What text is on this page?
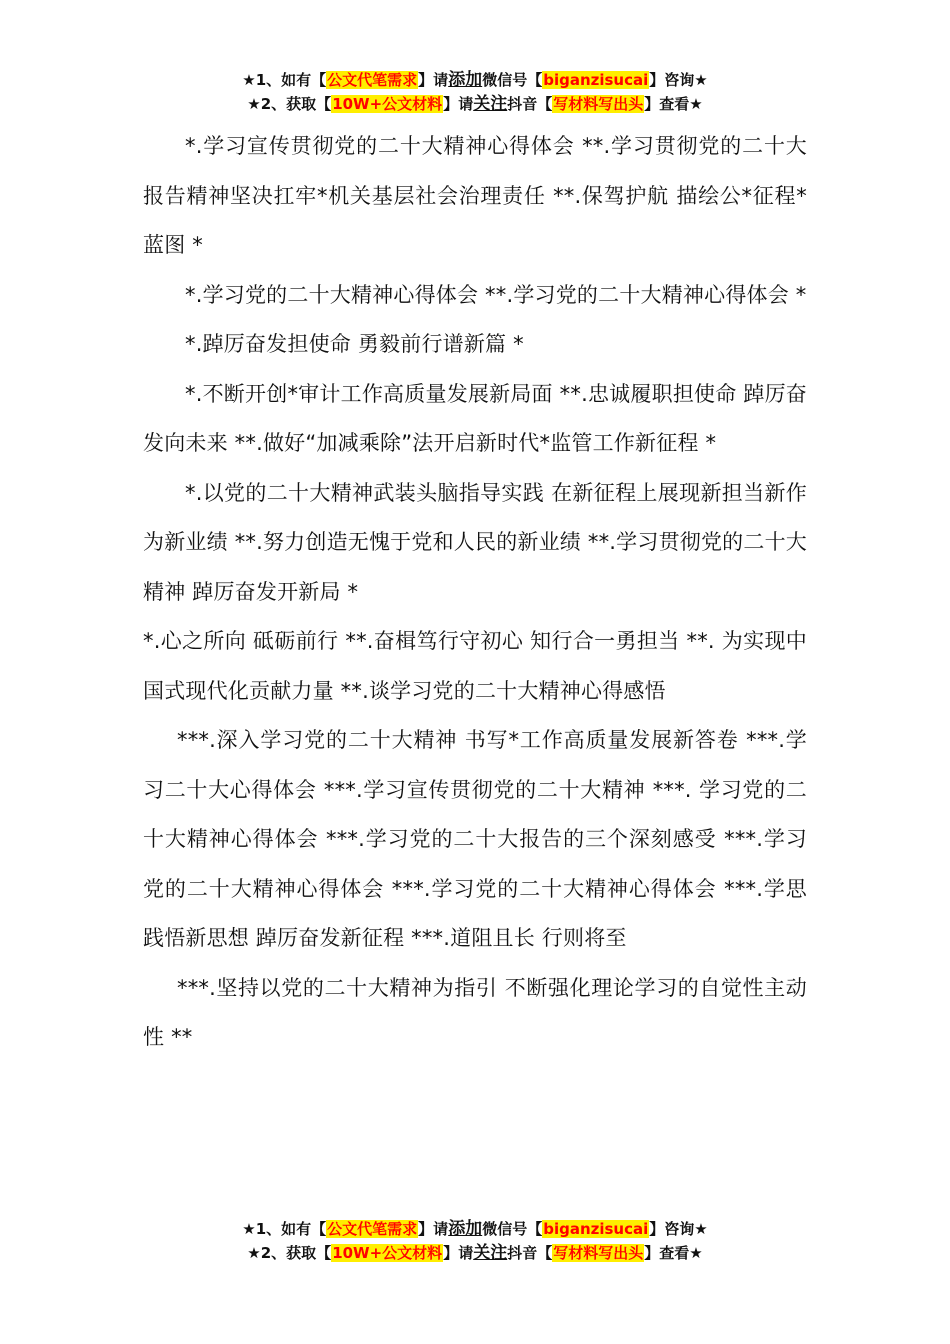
★1、如有【公文代笔需求】请添加微信号【biganzisucai】咨询★
★2、获取【10W+公文材料】请关注抖音【写材料写出头】查看★

*.学习宣传贯彻党的二十大精神心得体会 **.学习贯彻党的二十大报告精神坚决扛牢*机关基层社会治理责任 **.保驾护航 描绘公*征程*蓝图 *

*.学习党的二十大精神心得体会 **.学习党的二十大精神心得体会 *

*.踔厉奋发担使命 勇毅前行谱新篇 *

*.不断开创*审计工作高质量发展新局面 **.忠诚履职担使命 踔厉奋发向未来 **.做好“加减乘除”法开启新时代*监管工作新征程 *

*.以党的二十大精神武装头脑指导实践 在新征程上展现新担当新作为新业绩 **.努力创造无愧于党和人民的新业绩 **.学习贯彻党的二十大精神 踔厉奋发开新局 *

*.心之所向 砥砺前行 **.奋楫笃行守初心 知行合一勇担当 **. 为实现中国式现代化贡献力量 **.谈学习党的二十大精神心得感悟

***.深入学习党的二十大精神 书写*工作高质量发展新答卷 ***.学习二十大心得体会 ***.学习宣传贯彻党的二十大精神 ***. 学习党的二十大精神心得体会 ***.学习党的二十大报告的三个深刻感受 ***.学习党的二十大精神心得体会 ***.学习党的二十大精神心得体会 ***.学思践悟新思想 踔厉奋发新征程 ***.道阻且长 行则将至

***.坚持以党的二十大精神为指引 不断强化理论学习的自觉性主动性 **

★1、如有【公文代笔需求】请添加微信号【biganzisucai】咨询★
★2、获取【10W+公文材料】请关注抖音【写材料写出头】查看★
